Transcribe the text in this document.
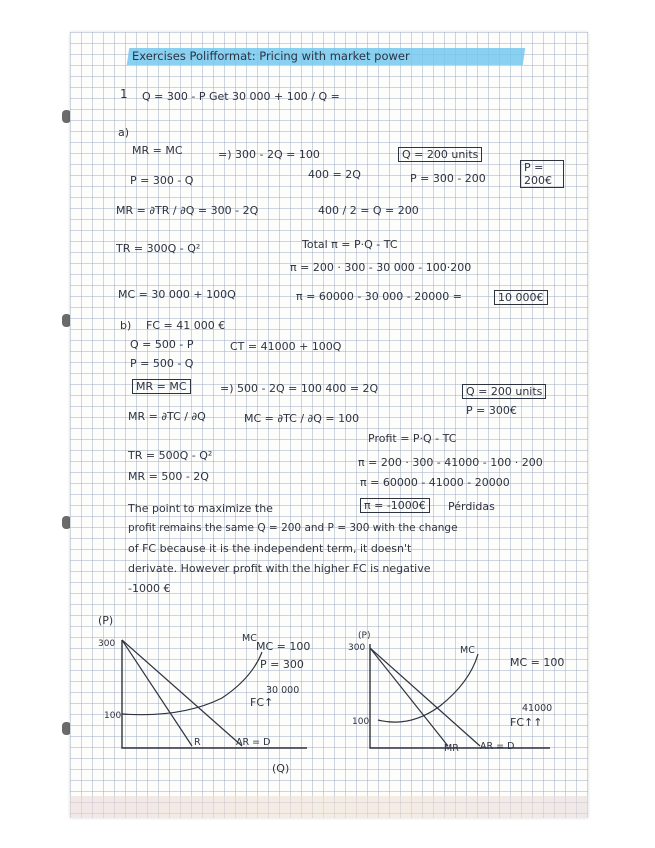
Exercises Polifformat: Pricing with market power
1 Q = 300 - P Get 30 000 + 100 / Q =
a)
MR = MC	=) 300 - 2Q = 100	Q = 200 units
P = 200€
400 = 2Q
P = 300 - Q	P = 300 - 200
MR = ∂TR / ∂Q = 300 - 2Q	400 / 2 = Q = 200
TR = 300Q - Q²	Total π = P·Q - TC
π = 200 · 300 - 30 000 - 100·200
MC = 30 000 + 100Q	π = 60000 - 30 000 - 20000 =	10 000€
b) FC = 41 000 €
Q = 500 - P	CT = 41000 + 100Q
P = 500 - Q
MR = MC	=) 500 - 2Q = 100 400 = 2Q	Q = 200 units
P = 300€
MR = ∂TC / ∂Q	MC = ∂TC / ∂Q = 100
Profit = P·Q - TC
TR = 500Q - Q²
π = 200 · 300 - 41000 - 100 · 200
MR = 500 - 2Q	π = 60000 - 41000 - 20000
π = -1000€	Pérdidas
The point to maximize the
profit remains the same Q = 200 and P = 300 with the change
of FC because it is the independent term, it doesn't
derivate. However profit with the higher FC is negative
-1000 €
(P)
300
100
MC
MC = 100
P = 300
30 000
FC↑
R	AR = D
(Q)
(P)
300
100
MC
MC = 100
41000
FC↑↑
MR AR = D
